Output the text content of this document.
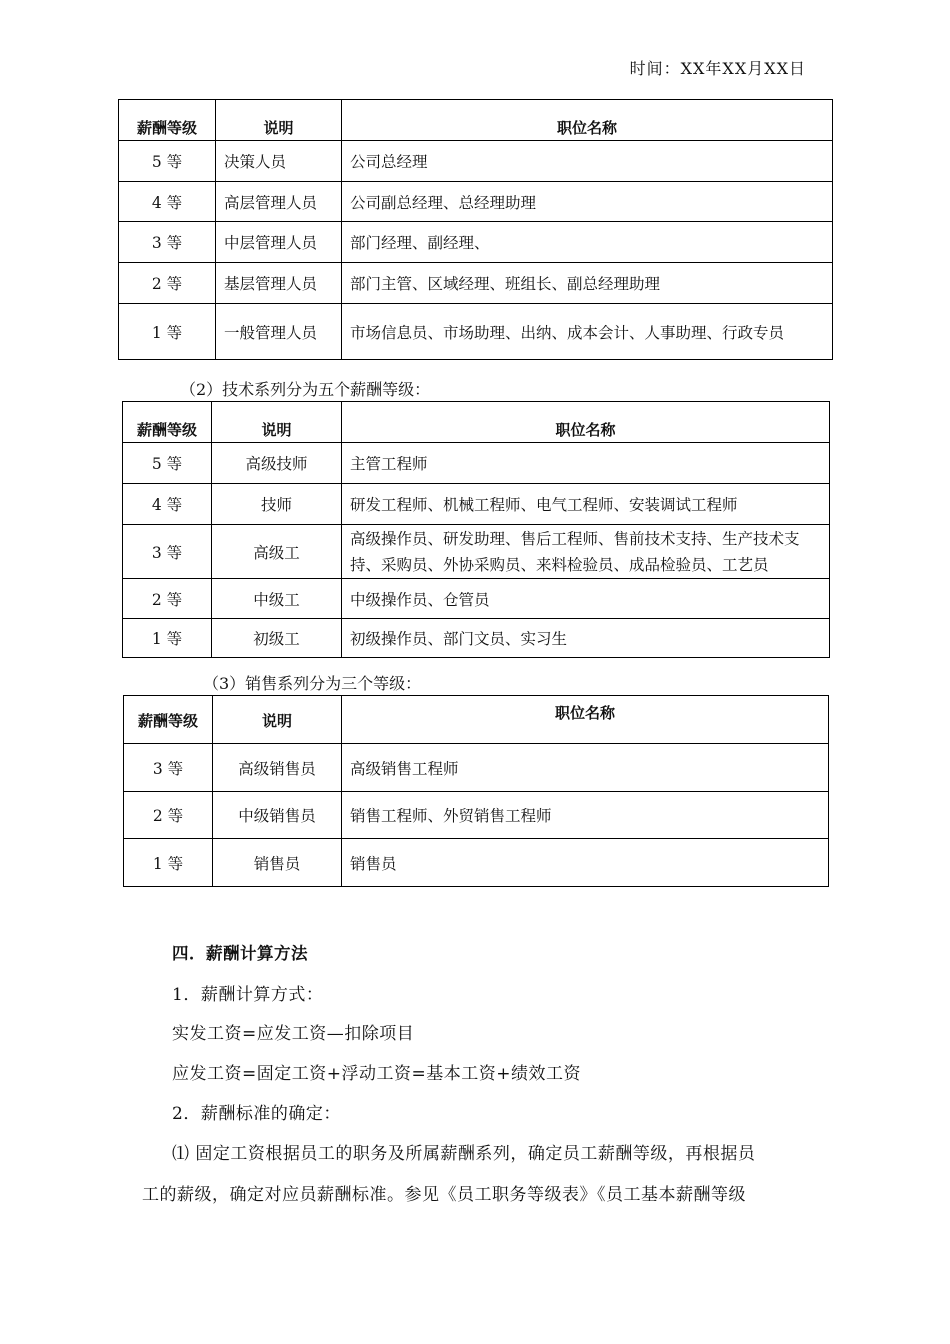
时间：XX年XX月XX日
薪酬等级	说明	职位名称
5 等	决策人员	公司总经理
4 等	高层管理人员	公司副总经理、总经理助理
3 等	中层管理人员	部门经理、副经理、
2 等	基层管理人员	部门主管、区域经理、班组长、副总经理助理
1 等	一般管理人员	市场信息员、市场助理、出纳、成本会计、人事助理、行政专员
（2）技术系列分为五个薪酬等级：
薪酬等级	说明	职位名称
5 等	高级技师	主管工程师
4 等	技师	研发工程师、机械工程师、电气工程师、安装调试工程师
3 等	高级工	高级操作员、研发助理、售后工程师、售前技术支持、生产技术支持、采购员、外协采购员、来料检验员、成品检验员、工艺员
2 等	中级工	中级操作员、仓管员
1 等	初级工	初级操作员、部门文员、实习生
（3）销售系列分为三个等级：
薪酬等级	说明	职位名称
3 等	高级销售员	高级销售工程师
2 等	中级销售员	销售工程师、外贸销售工程师
1 等	销售员	销售员
四．薪酬计算方法
1．薪酬计算方式：
实发工资=应发工资—扣除项目
应发工资=固定工资+浮动工资=基本工资+绩效工资
2．薪酬标准的确定：
⑴ 固定工资根据员工的职务及所属薪酬系列，确定员工薪酬等级，再根据员
工的薪级，确定对应员薪酬标准。参见《员工职务等级表》《员工基本薪酬等级
